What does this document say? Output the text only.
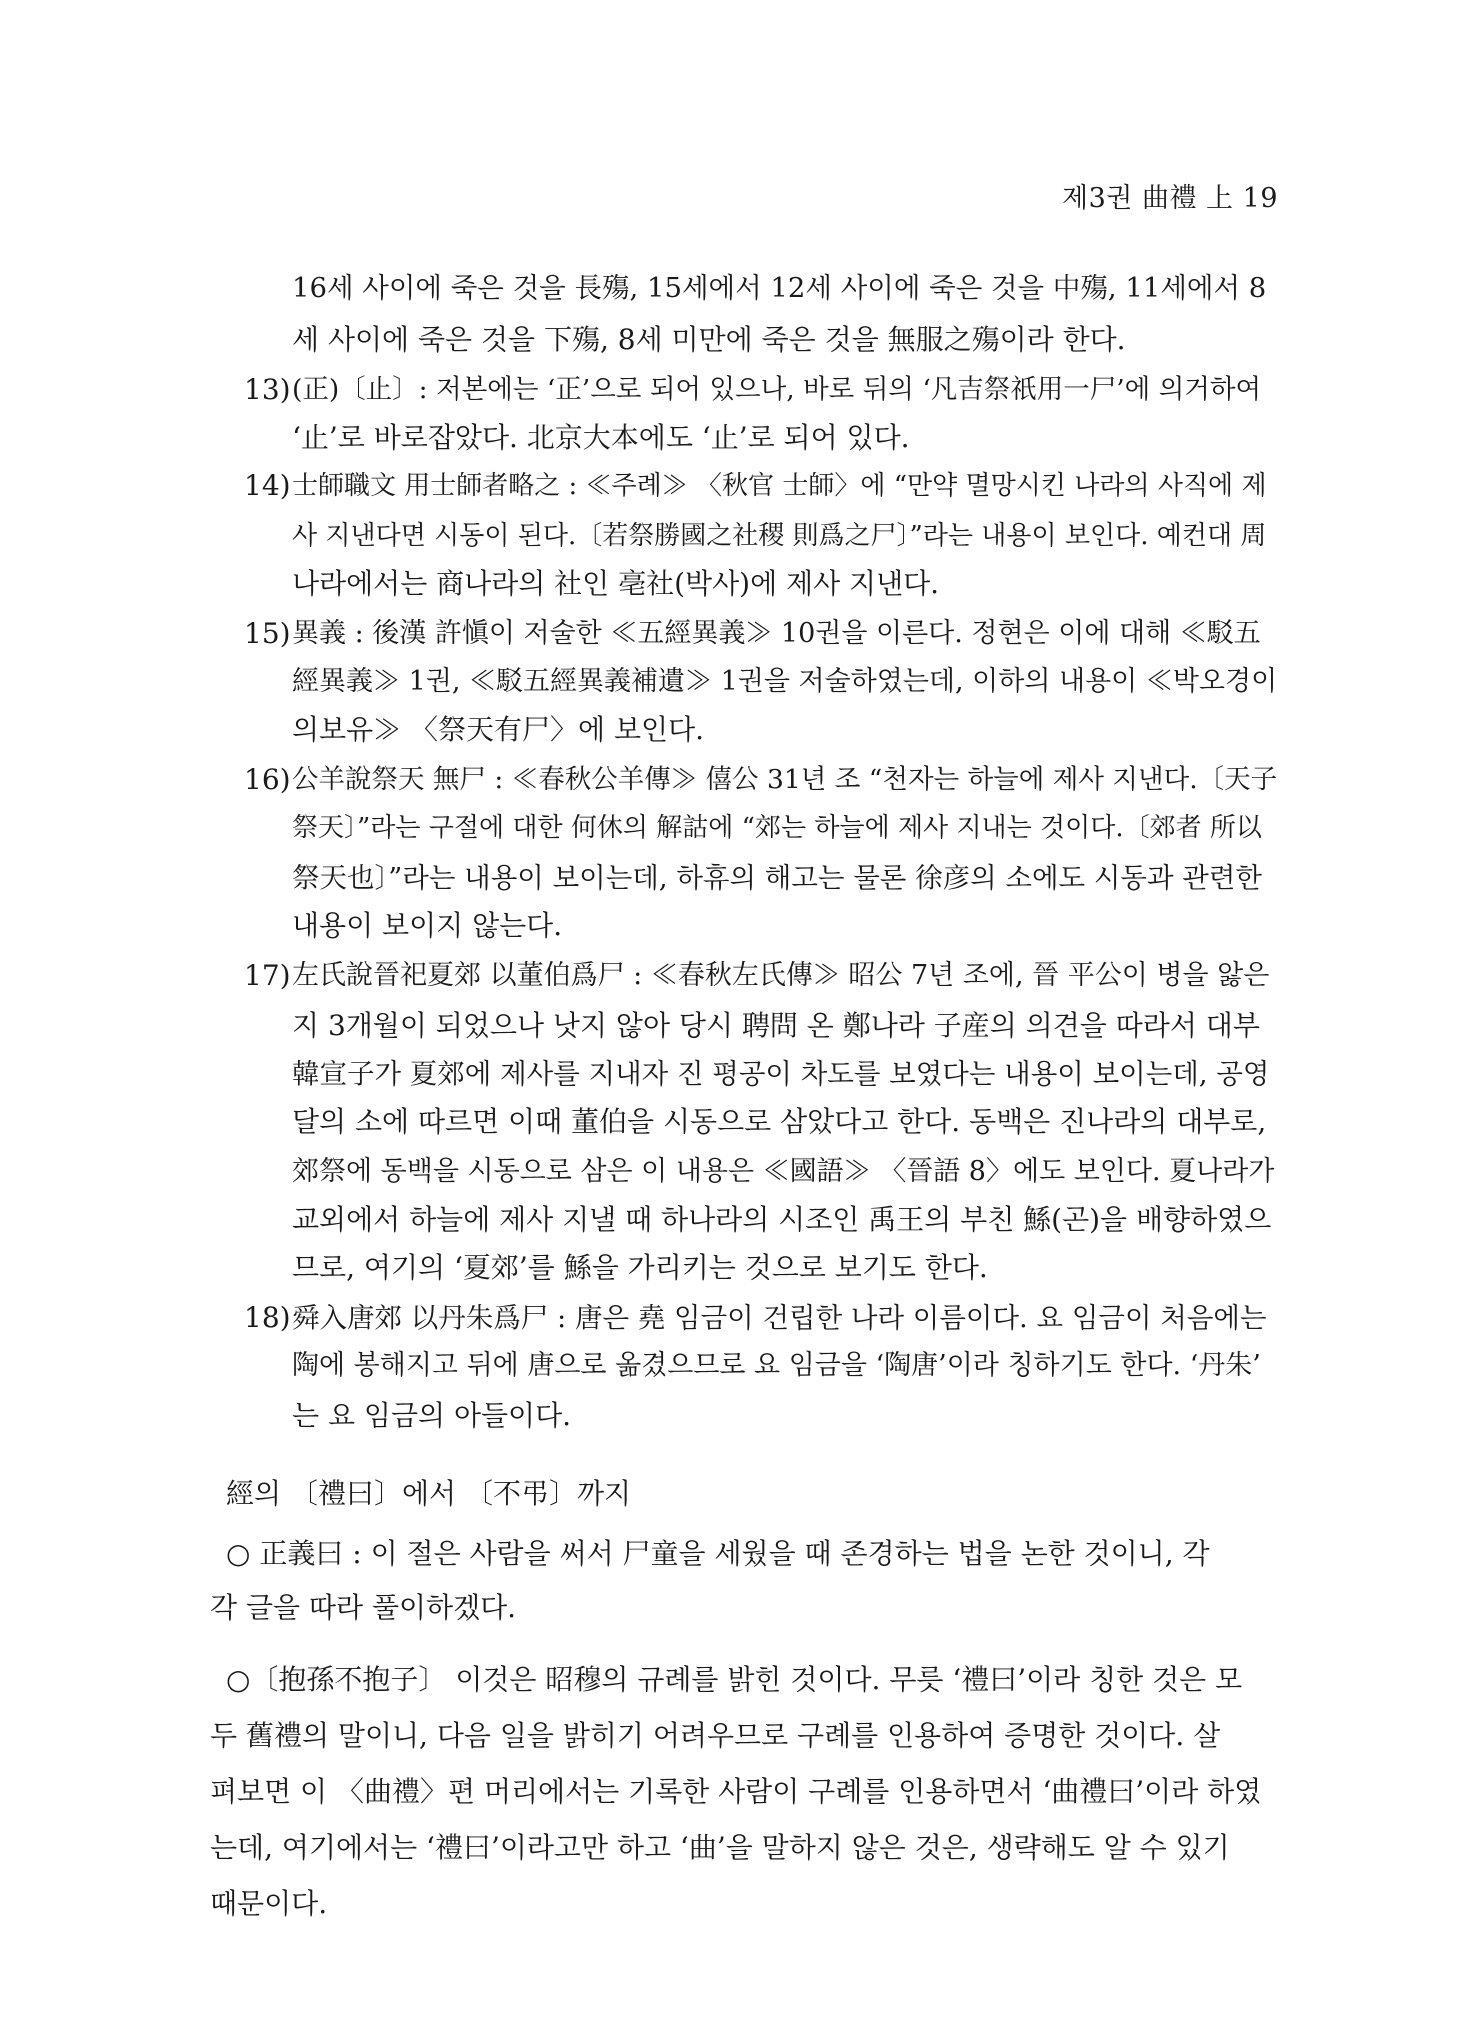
제3권 曲禮 上 19
16세 사이에 죽은 것을 長殤, 15세에서 12세 사이에 죽은 것을 中殤, 11세에서 8
세 사이에 죽은 것을 下殤, 8세 미만에 죽은 것을 無服之殤이라 한다.
13) (正)〔止〕: 저본에는 ‘正’으로 되어 있으나, 바로 뒤의 ‘凡吉祭祇用一尸’에 의거하여
‘止’로 바로잡았다. 北京大本에도 ‘止’로 되어 있다.
14) 士師職文 用士師者略之 : ≪주례≫ 〈秋官 士師〉에 “만약 멸망시킨 나라의 사직에 제
사 지낸다면 시동이 된다.〔若祭勝國之社稷 則爲之尸〕”라는 내용이 보인다. 예컨대 周
나라에서는 商나라의 社인 亳社(박사)에 제사 지낸다.
15) 異義 : 後漢 許愼이 저술한 ≪五經異義≫ 10권을 이른다. 정현은 이에 대해 ≪駁五
經異義≫ 1권, ≪駁五經異義補遺≫ 1권을 저술하였는데, 이하의 내용이 ≪박오경이
의보유≫ 〈祭天有尸〉에 보인다.
16) 公羊說祭天 無尸 : ≪春秋公羊傳≫ 僖公 31년 조 “천자는 하늘에 제사 지낸다.〔天子
祭天〕”라는 구절에 대한 何休의 解詁에 “郊는 하늘에 제사 지내는 것이다.〔郊者 所以
祭天也〕”라는 내용이 보이는데, 하휴의 해고는 물론 徐彦의 소에도 시동과 관련한
내용이 보이지 않는다.
17) 左氏說晉祀夏郊 以董伯爲尸 : ≪春秋左氏傳≫ 昭公 7년 조에, 晉 平公이 병을 앓은
지 3개월이 되었으나 낫지 않아 당시 聘問 온 鄭나라 子産의 의견을 따라서 대부
韓宣子가 夏郊에 제사를 지내자 진 평공이 차도를 보였다는 내용이 보이는데, 공영
달의 소에 따르면 이때 董伯을 시동으로 삼았다고 한다. 동백은 진나라의 대부로,
郊祭에 동백을 시동으로 삼은 이 내용은 ≪國語≫ 〈晉語 8〉에도 보인다. 夏나라가
교외에서 하늘에 제사 지낼 때 하나라의 시조인 禹王의 부친 鯀(곤)을 배향하였으
므로, 여기의 ‘夏郊’를 鯀을 가리키는 것으로 보기도 한다.
18) 舜入唐郊 以丹朱爲尸 : 唐은 堯 임금이 건립한 나라 이름이다. 요 임금이 처음에는
陶에 봉해지고 뒤에 唐으로 옮겼으므로 요 임금을 ‘陶唐’이라 칭하기도 한다. ‘丹朱’
는 요 임금의 아들이다.
經의 〔禮曰〕에서 〔不弔〕까지
○ 正義曰 : 이 절은 사람을 써서 尸童을 세웠을 때 존경하는 법을 논한 것이니, 각
각 글을 따라 풀이하겠다.
○〔抱孫不抱子〕 이것은 昭穆의 규례를 밝힌 것이다. 무릇 ‘禮曰’이라 칭한 것은 모
두 舊禮의 말이니, 다음 일을 밝히기 어려우므로 구례를 인용하여 증명한 것이다. 살
펴보면 이 〈曲禮〉편 머리에서는 기록한 사람이 구례를 인용하면서 ‘曲禮曰’이라 하였
는데, 여기에서는 ‘禮曰’이라고만 하고 ‘曲’을 말하지 않은 것은, 생략해도 알 수 있기
때문이다.
